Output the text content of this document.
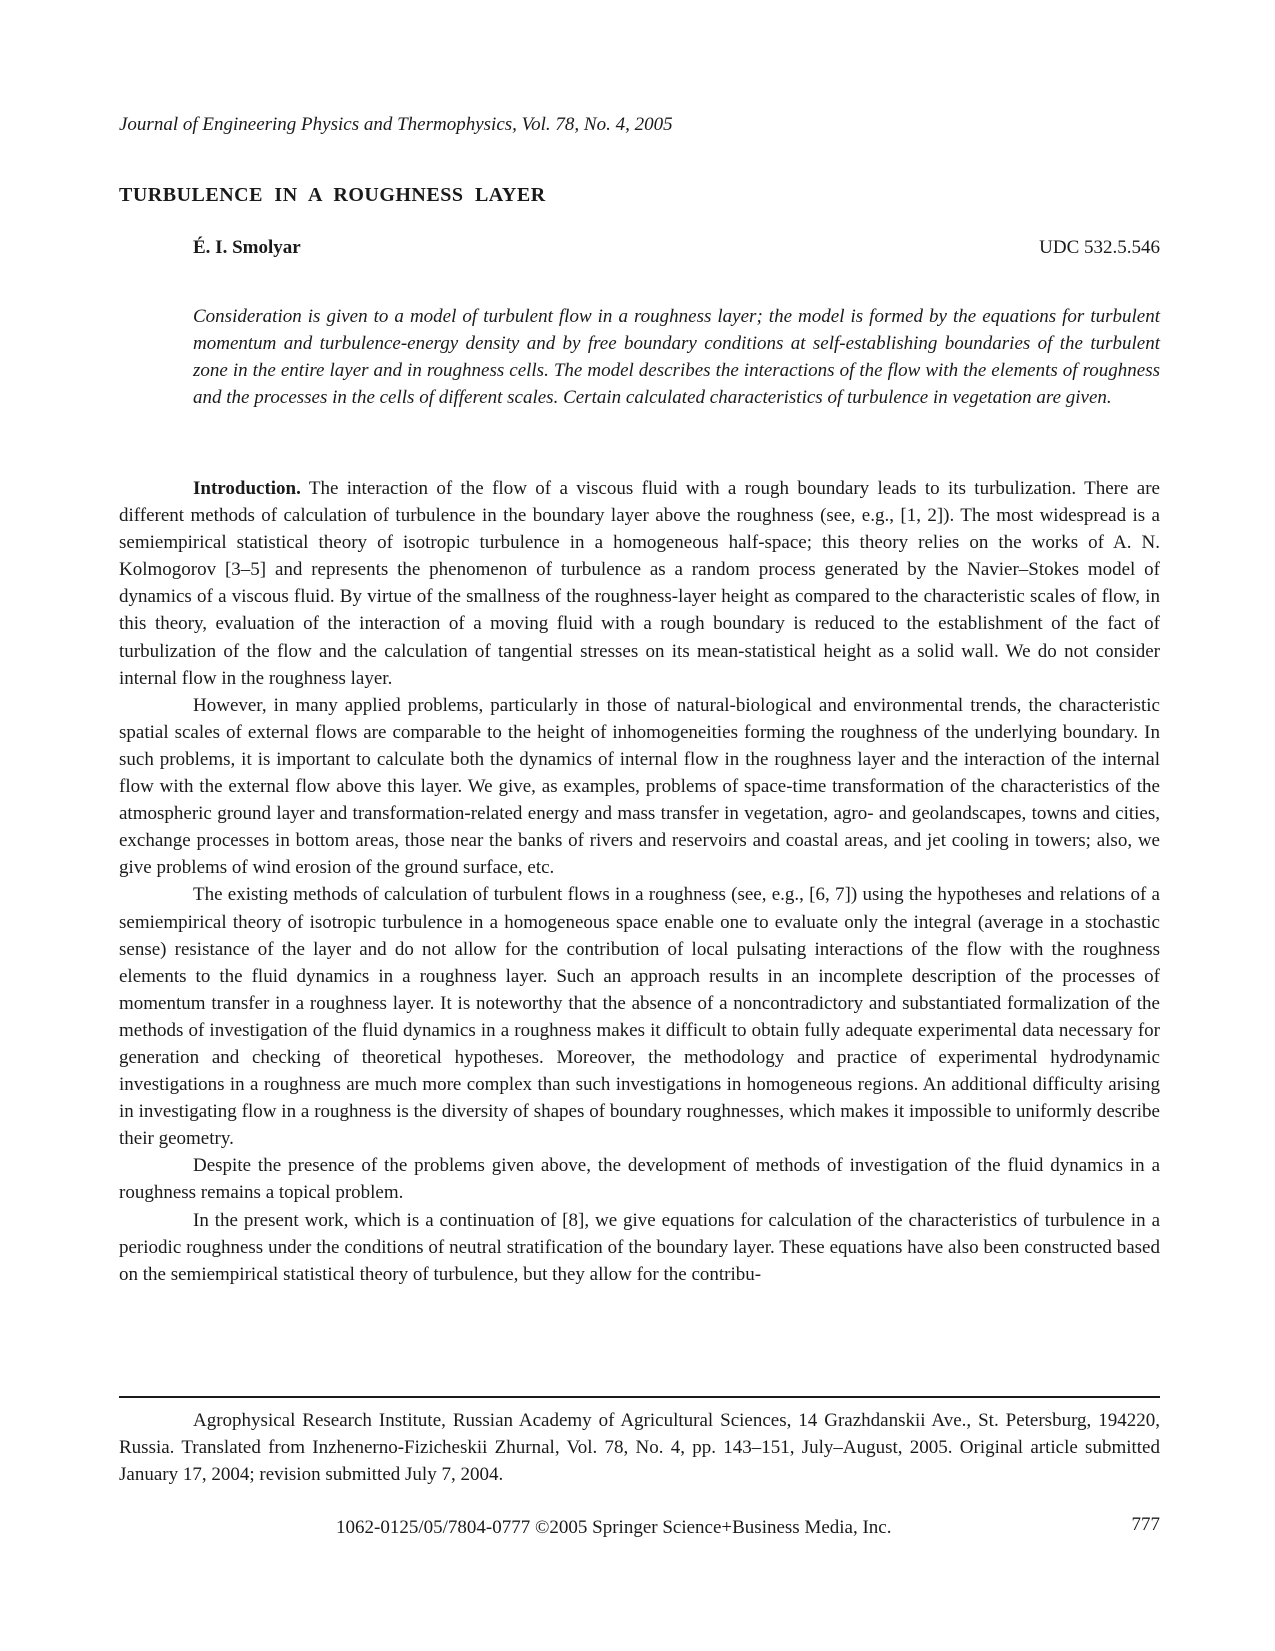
Journal of Engineering Physics and Thermophysics, Vol. 78, No. 4, 2005

TURBULENCE IN A ROUGHNESS LAYER

É. I. Smolyar	UDC 532.5.546

Consideration is given to a model of turbulent flow in a roughness layer; the model is formed by the equations for turbulent momentum and turbulence-energy density and by free boundary conditions at self-establishing boundaries of the turbulent zone in the entire layer and in roughness cells. The model describes the interactions of the flow with the elements of roughness and the processes in the cells of different scales. Certain calculated characteristics of turbulence in vegetation are given.

Introduction. The interaction of the flow of a viscous fluid with a rough boundary leads to its turbulization. There are different methods of calculation of turbulence in the boundary layer above the roughness (see, e.g., [1, 2]). The most widespread is a semiempirical statistical theory of isotropic turbulence in a homogeneous half-space; this theory relies on the works of A. N. Kolmogorov [3–5] and represents the phenomenon of turbulence as a random process generated by the Navier–Stokes model of dynamics of a viscous fluid. By virtue of the smallness of the roughness-layer height as compared to the characteristic scales of flow, in this theory, evaluation of the interaction of a moving fluid with a rough boundary is reduced to the establishment of the fact of turbulization of the flow and the calculation of tangential stresses on its mean-statistical height as a solid wall. We do not consider internal flow in the roughness layer.

However, in many applied problems, particularly in those of natural-biological and environmental trends, the characteristic spatial scales of external flows are comparable to the height of inhomogeneities forming the roughness of the underlying boundary. In such problems, it is important to calculate both the dynamics of internal flow in the roughness layer and the interaction of the internal flow with the external flow above this layer. We give, as examples, problems of space-time transformation of the characteristics of the atmospheric ground layer and transformation-related energy and mass transfer in vegetation, agro- and geolandscapes, towns and cities, exchange processes in bottom areas, those near the banks of rivers and reservoirs and coastal areas, and jet cooling in towers; also, we give problems of wind erosion of the ground surface, etc.

The existing methods of calculation of turbulent flows in a roughness (see, e.g., [6, 7]) using the hypotheses and relations of a semiempirical theory of isotropic turbulence in a homogeneous space enable one to evaluate only the integral (average in a stochastic sense) resistance of the layer and do not allow for the contribution of local pulsating interactions of the flow with the roughness elements to the fluid dynamics in a roughness layer. Such an approach results in an incomplete description of the processes of momentum transfer in a roughness layer. It is noteworthy that the absence of a noncontradictory and substantiated formalization of the methods of investigation of the fluid dynamics in a roughness makes it difficult to obtain fully adequate experimental data necessary for generation and checking of theoretical hypotheses. Moreover, the methodology and practice of experimental hydrodynamic investigations in a roughness are much more complex than such investigations in homogeneous regions. An additional difficulty arising in investigating flow in a roughness is the diversity of shapes of boundary roughnesses, which makes it impossible to uniformly describe their geometry.

Despite the presence of the problems given above, the development of methods of investigation of the fluid dynamics in a roughness remains a topical problem.

In the present work, which is a continuation of [8], we give equations for calculation of the characteristics of turbulence in a periodic roughness under the conditions of neutral stratification of the boundary layer. These equations have also been constructed based on the semiempirical statistical theory of turbulence, but they allow for the contribu-

Agrophysical Research Institute, Russian Academy of Agricultural Sciences, 14 Grazhdanskii Ave., St. Petersburg, 194220, Russia. Translated from Inzhenerno-Fizicheskii Zhurnal, Vol. 78, No. 4, pp. 143–151, July–August, 2005. Original article submitted January 17, 2004; revision submitted July 7, 2004.

1062-0125/05/7804-0777 ©2005 Springer Science+Business Media, Inc.	777
